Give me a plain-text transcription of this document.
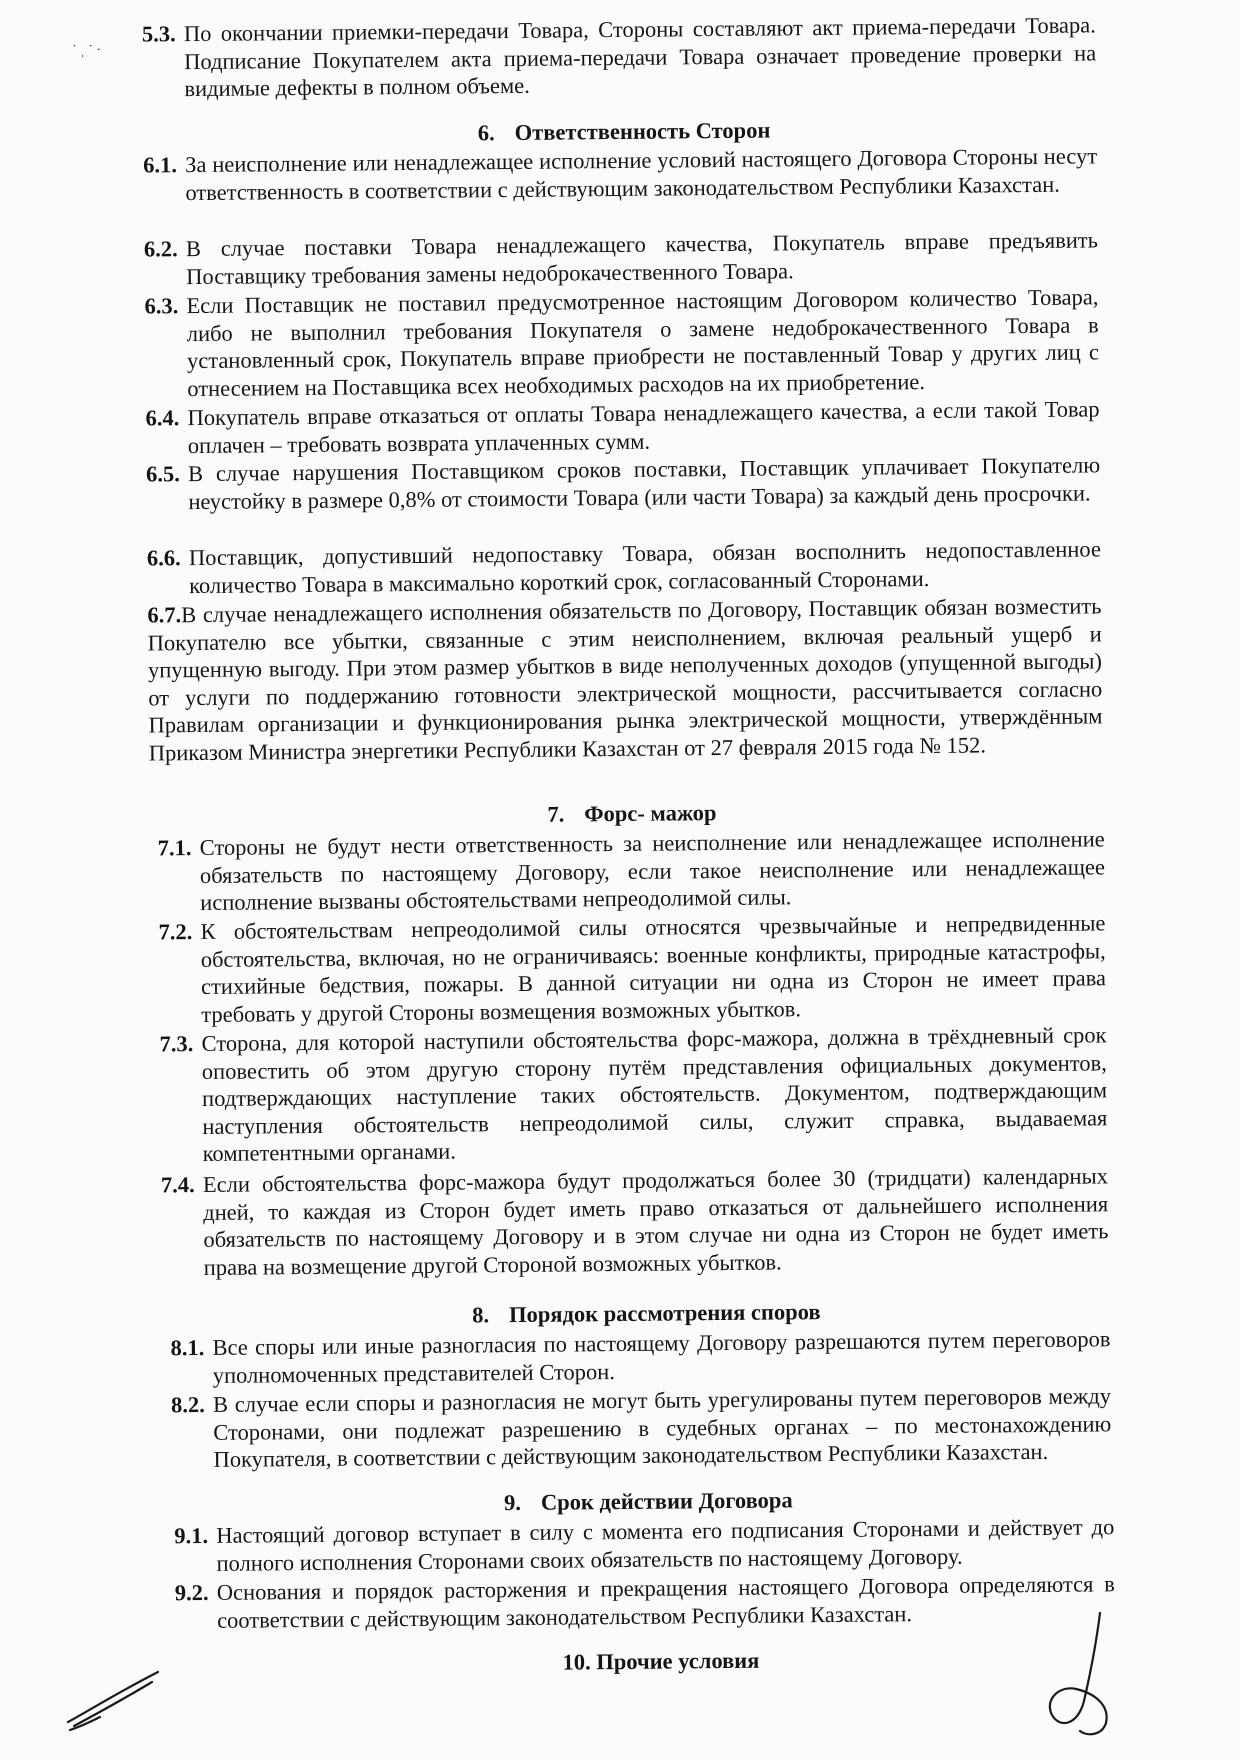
˙ ˌ ˙ ·
5.3. По окончании приемки-передачи Товара, Стороны составляют акт приема-передачи Товара. Подписание Покупателем акта приема-передачи Товара означает проведение проверки на видимые дефекты в полном объеме.
6. Ответственность Сторон
6.1. За неисполнение или ненадлежащее исполнение условий настоящего Договора Стороны несут ответственность в соответствии с действующим законодательством Республики Казахстан.
6.2. В случае поставки Товара ненадлежащего качества, Покупатель вправе предъявить Поставщику требования замены недоброкачественного Товара.
6.3. Если Поставщик не поставил предусмотренное настоящим Договором количество Товара, либо не выполнил требования Покупателя о замене недоброкачественного Товара в установленный срок, Покупатель вправе приобрести не поставленный Товар у других лиц с отнесением на Поставщика всех необходимых расходов на их приобретение.
6.4. Покупатель вправе отказаться от оплаты Товара ненадлежащего качества, а если такой Товар оплачен – требовать возврата уплаченных сумм.
6.5. В случае нарушения Поставщиком сроков поставки, Поставщик уплачивает Покупателю неустойку в размере 0,8% от стоимости Товара (или части Товара) за каждый день просрочки.
6.6. Поставщик, допустивший недопоставку Товара, обязан восполнить недопоставленное количество Товара в максимально короткий срок, согласованный Сторонами.
6.7.В случае ненадлежащего исполнения обязательств по Договору, Поставщик обязан возместить Покупателю все убытки, связанные с этим неисполнением, включая реальный ущерб и упущенную выгоду. При этом размер убытков в виде неполученных доходов (упущенной выгоды) от услуги по поддержанию готовности электрической мощности, рассчитывается согласно Правилам организации и функционирования рынка электрической мощности, утверждённым Приказом Министра энергетики Республики Казахстан от 27 февраля 2015 года № 152.
7. Форс- мажор
7.1. Стороны не будут нести ответственность за неисполнение или ненадлежащее исполнение обязательств по настоящему Договору, если такое неисполнение или ненадлежащее исполнение вызваны обстоятельствами непреодолимой силы.
7.2. К обстоятельствам непреодолимой силы относятся чрезвычайные и непредвиденные обстоятельства, включая, но не ограничиваясь: военные конфликты, природные катастрофы, стихийные бедствия, пожары. В данной ситуации ни одна из Сторон не имеет права требовать у другой Стороны возмещения возможных убытков.
7.3. Сторона, для которой наступили обстоятельства форс-мажора, должна в трёхдневный срок оповестить об этом другую сторону путём представления официальных документов, подтверждающих наступление таких обстоятельств. Документом, подтверждающим наступления обстоятельств непреодолимой силы, служит справка, выдаваемая компетентными органами.
7.4. Если обстоятельства форс-мажора будут продолжаться более 30 (тридцати) календарных дней, то каждая из Сторон будет иметь право отказаться от дальнейшего исполнения обязательств по настоящему Договору и в этом случае ни одна из Сторон не будет иметь права на возмещение другой Стороной возможных убытков.
8. Порядок рассмотрения споров
8.1. Все споры или иные разногласия по настоящему Договору разрешаются путем переговоров уполномоченных представителей Сторон.
8.2. В случае если споры и разногласия не могут быть урегулированы путем переговоров между Сторонами, они подлежат разрешению в судебных органах – по местонахождению Покупателя, в соответствии с действующим законодательством Республики Казахстан.
9. Срок действии Договора
9.1. Настоящий договор вступает в силу с момента его подписания Сторонами и действует до полного исполнения Сторонами своих обязательств по настоящему Договору.
9.2. Основания и порядок расторжения и прекращения настоящего Договора определяются в соответствии с действующим законодательством Республики Казахстан.
10. Прочие условия
